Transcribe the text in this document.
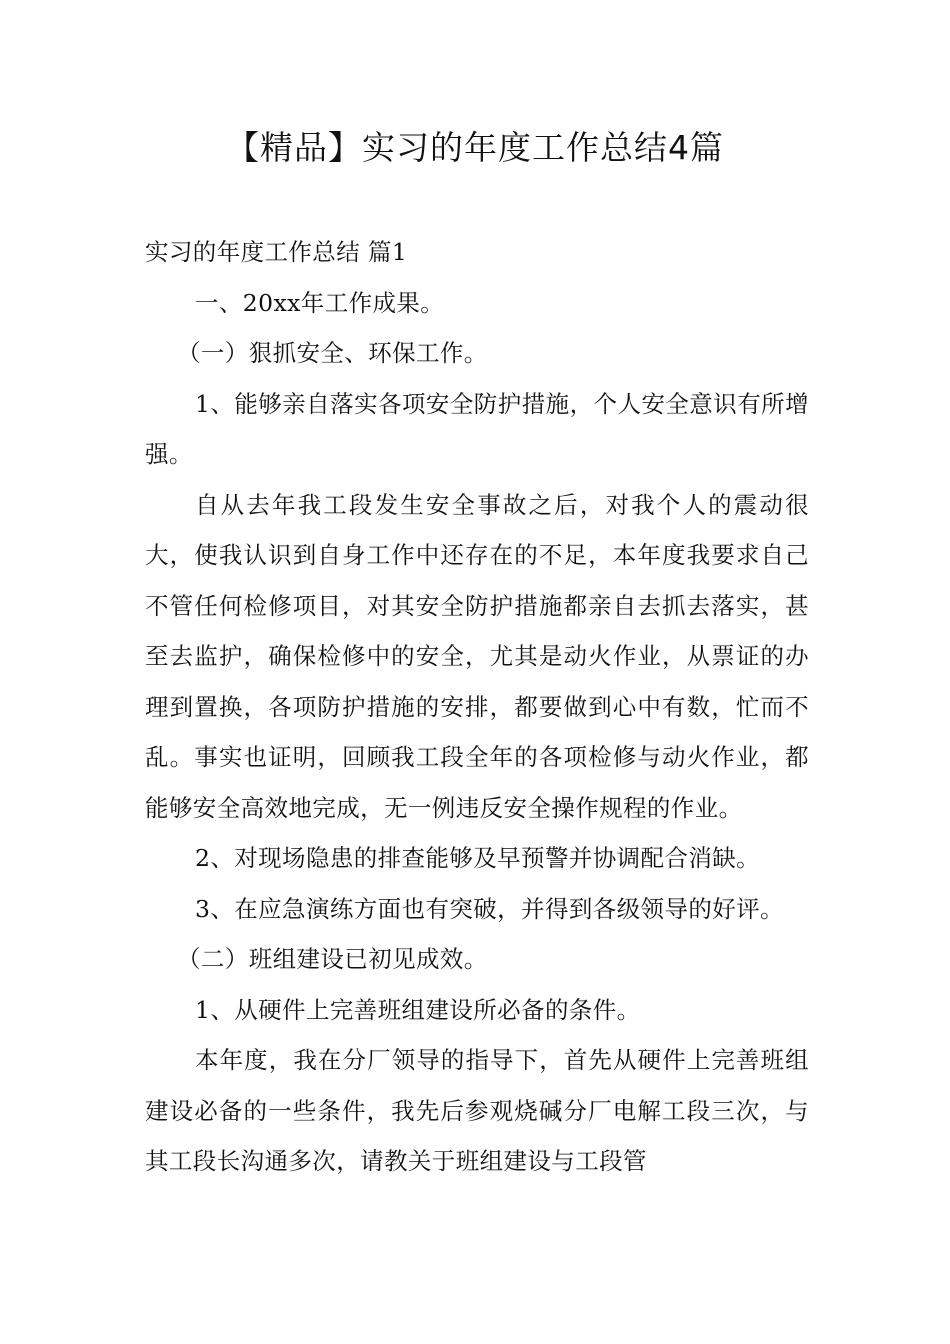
【精品】实习的年度工作总结4篇

实习的年度工作总结 篇1

一、20xx年工作成果。

（一）狠抓安全、环保工作。

1、能够亲自落实各项安全防护措施，个人安全意识有所增强。

自从去年我工段发生安全事故之后，对我个人的震动很大，使我认识到自身工作中还存在的不足，本年度我要求自己不管任何检修项目，对其安全防护措施都亲自去抓去落实，甚至去监护，确保检修中的安全，尤其是动火作业，从票证的办理到置换，各项防护措施的安排，都要做到心中有数，忙而不乱。事实也证明，回顾我工段全年的各项检修与动火作业，都能够安全高效地完成，无一例违反安全操作规程的作业。

2、对现场隐患的排查能够及早预警并协调配合消缺。

3、在应急演练方面也有突破，并得到各级领导的好评。

（二）班组建设已初见成效。

1、从硬件上完善班组建设所必备的条件。

本年度，我在分厂领导的指导下，首先从硬件上完善班组建设必备的一些条件，我先后参观烧碱分厂电解工段三次，与其工段长沟通多次，请教关于班组建设与工段管
